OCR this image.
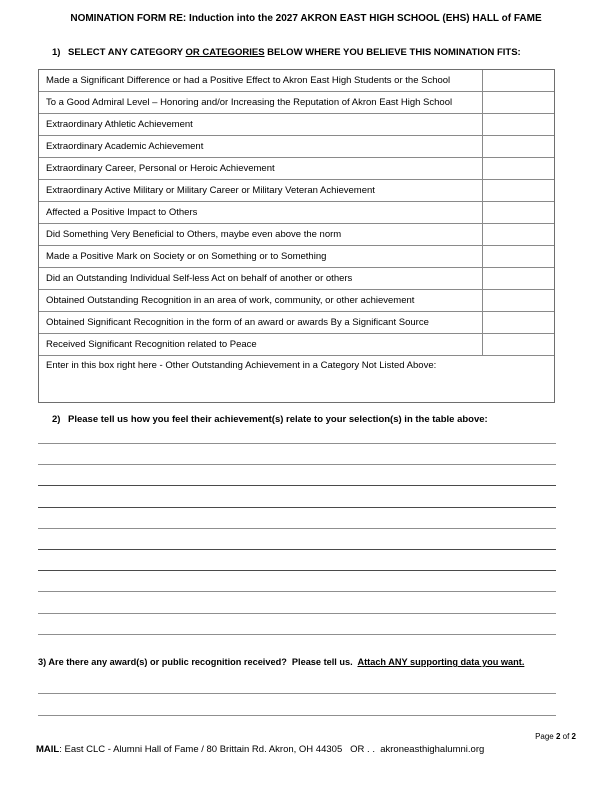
NOMINATION FORM RE: Induction into the 2027 AKRON EAST HIGH SCHOOL (EHS) HALL of FAME
1) SELECT ANY CATEGORY OR CATEGORIES BELOW WHERE YOU BELIEVE THIS NOMINATION FITS:
Made a Significant Difference or had a Positive Effect to Akron East High Students or the School
To a Good Admiral Level – Honoring and/or Increasing the Reputation of Akron East High School
Extraordinary Athletic Achievement
Extraordinary Academic Achievement
Extraordinary Career, Personal or Heroic Achievement
Extraordinary Active Military or Military Career or Military Veteran Achievement
Affected a Positive Impact to Others
Did Something Very Beneficial to Others, maybe even above the norm
Made a Positive Mark on Society or on Something or to Something
Did an Outstanding Individual Self-less Act on behalf of another or others
Obtained Outstanding Recognition in an area of work, community, or other achievement
Obtained Significant Recognition in the form of an award or awards By a Significant Source
Received Significant Recognition related to Peace
Enter in this box right here - Other Outstanding Achievement in a Category Not Listed Above:
2) Please tell us how you feel their achievement(s) relate to your selection(s) in the table above:
3) Are there any award(s) or public recognition received?  Please tell us.  Attach ANY supporting data you want.
Page 2 of 2
MAIL: East CLC - Alumni Hall of Fame / 80 Brittain Rd. Akron, OH 44305   OR . .  akroneasthighalumni.org
